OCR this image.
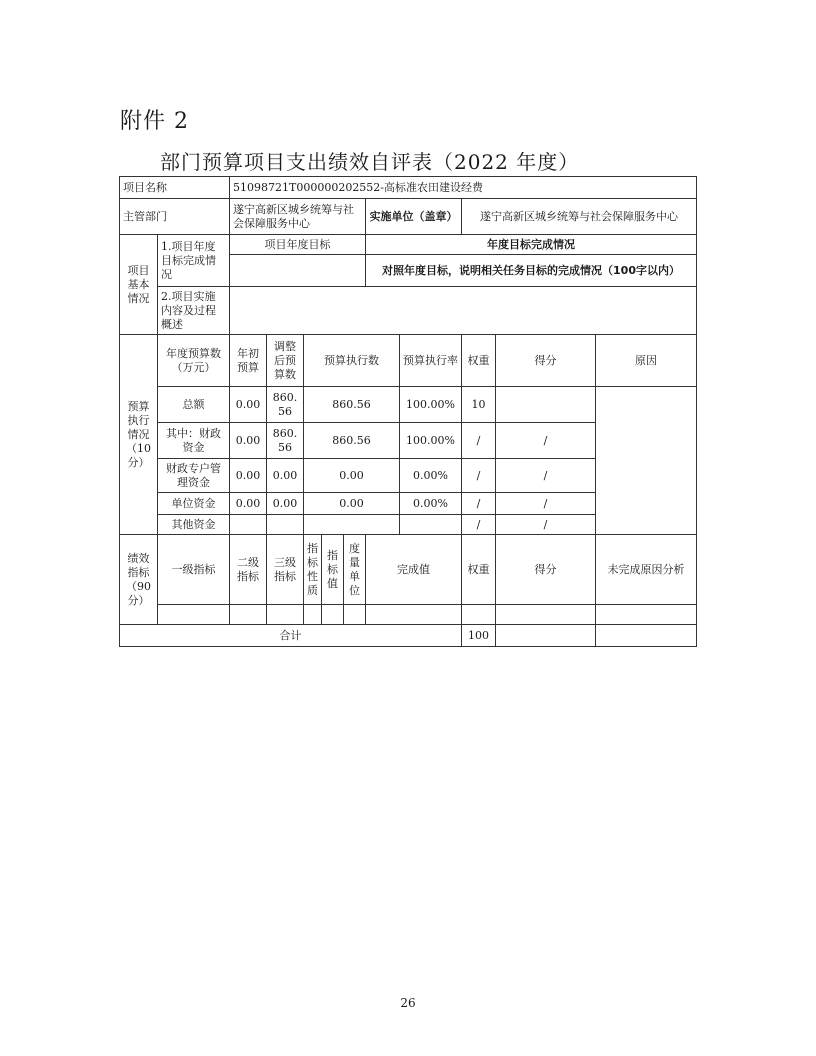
附件 2
部门预算项目支出绩效自评表（2022 年度）
项目名称		51098721T000000202552-高标准农田建设经费									
主管部门		遂宁高新区城乡统筹与社会保障服务中心					实施单位（盖章）		遂宁高新区城乡统筹与社会保障服务中心		
项目基本情况	1.项目年度目标完成情况	项目年度目标					年度目标完成情况				
							对照年度目标，说明相关任务目标的完成情况（100字以内）				
	2.项目实施内容及过程概述										
预算执行情况（10分）	年度预算数（万元）	年初预算	调整后预算数	预算执行数				预算执行率	权重	得分	原因
	总额	0.00	860.56	860.56				100.00%	10		
	其中：财政资金	0.00	860.56	860.56				100.00%	/	/	
	财政专户管理资金	0.00	0.00	0.00				0.00%	/	/	
	单位资金	0.00	0.00	0.00				0.00%	/	/	
	其他资金								/	/	
绩效指标（90分）	一级指标	二级指标	三级指标	指标性质	指标值	度量单位	完成值		权重	得分	未完成原因分析

合计									100		
26
